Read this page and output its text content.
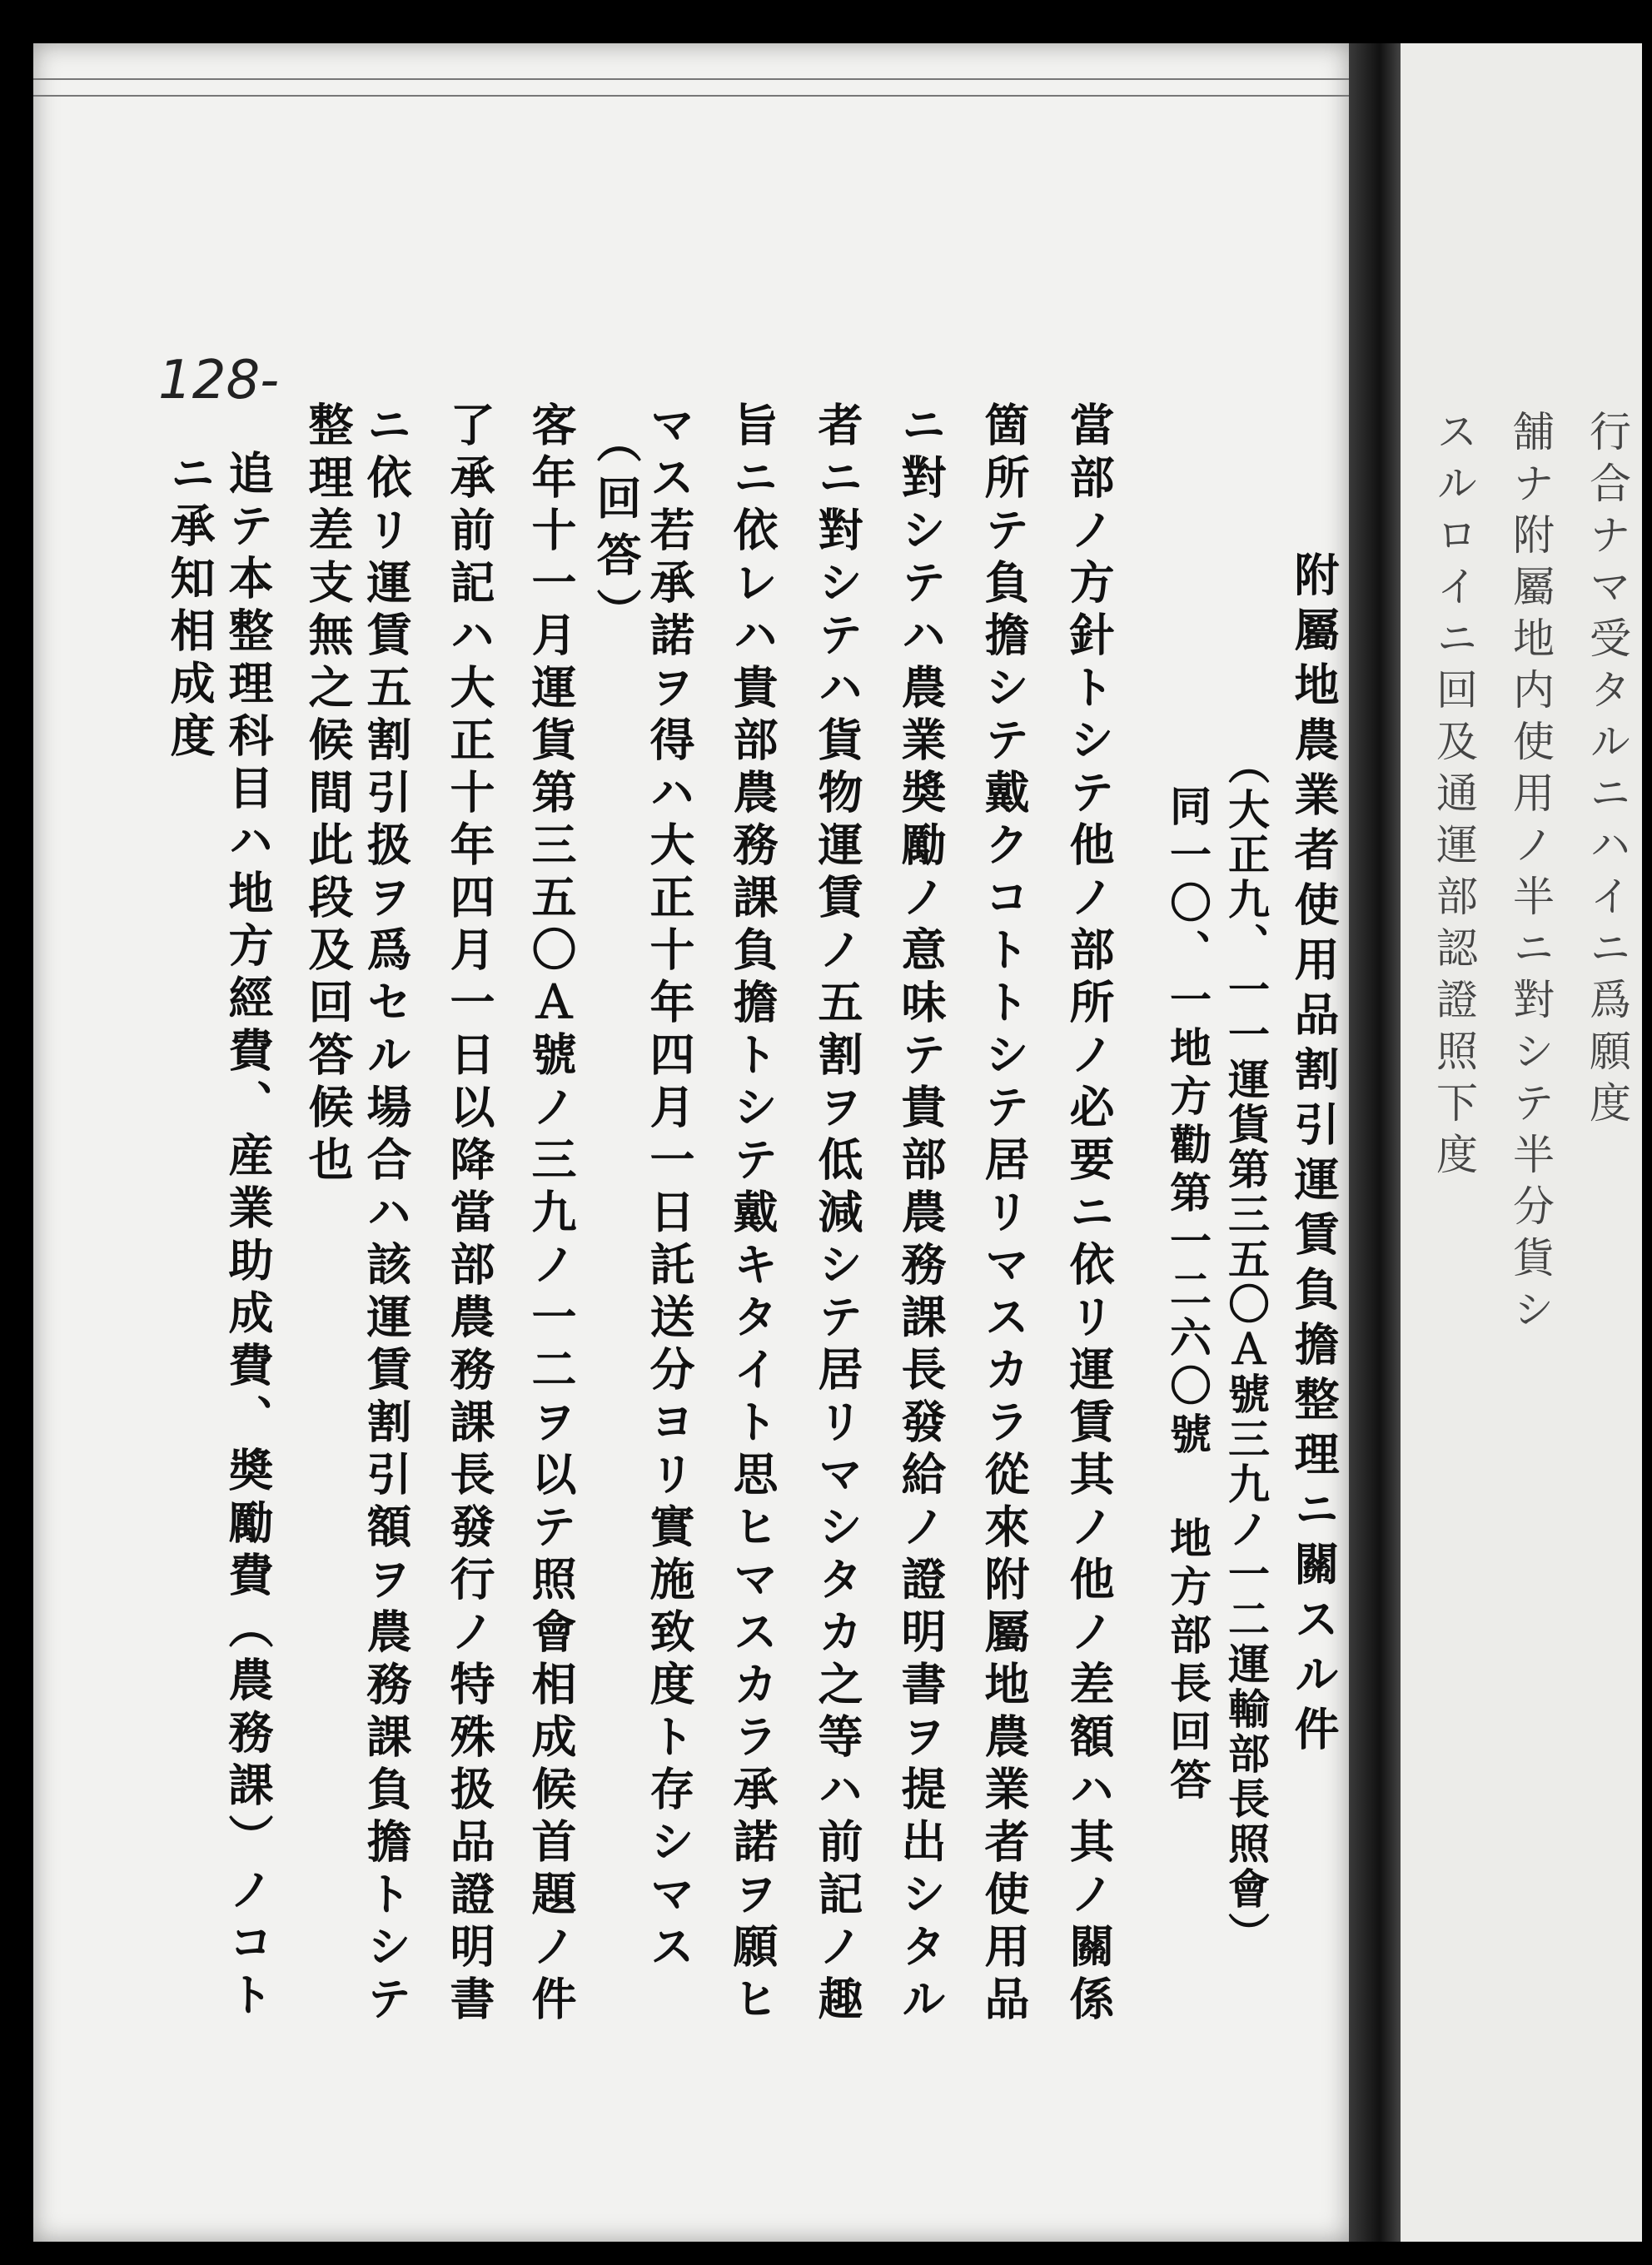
128-
附屬地農業者使用品割引運賃負擔整理ニ關スル件
（大正九、一一運貨第三五〇Ａ號三九ノ一二運輸部長照會）
同一〇、一地方勸第一二六〇號 地方部長回答
當部ノ方針トシテ他ノ部所ノ必要ニ依リ運賃其ノ他ノ差額ハ其ノ關係
箇所テ負擔シテ戴クコトトシテ居リマスカラ從來附屬地農業者使用品
ニ對シテハ農業奬勵ノ意味テ貴部農務課長發給ノ證明書ヲ提出シタル
者ニ對シテハ貨物運賃ノ五割ヲ低減シテ居リマシタカ之等ハ前記ノ趣
旨ニ依レハ貴部農務課負擔トシテ戴キタイト思ヒマスカラ承諾ヲ願ヒ
マス若承諾ヲ得ハ大正十年四月一日託送分ヨリ實施致度ト存シマス
（回答）
客年十一月運貨第三五〇Ａ號ノ三九ノ一二ヲ以テ照會相成候首題ノ件
了承前記ハ大正十年四月一日以降當部農務課長發行ノ特殊扱品證明書
ニ依リ運賃五割引扱ヲ爲セル場合ハ該運賃割引額ヲ農務課負擔トシテ
整理差支無之候間此段及回答候也
追テ本整理科目ハ地方經費、産業助成費、奬勵費（農務課）ノコト
ニ承知相成度	行合ナマ受タルニハイニ爲願度
舗ナ附屬地内使用ノ半ニ對シテ半分貨シ
スルロイニ回及通運部認證照下度
